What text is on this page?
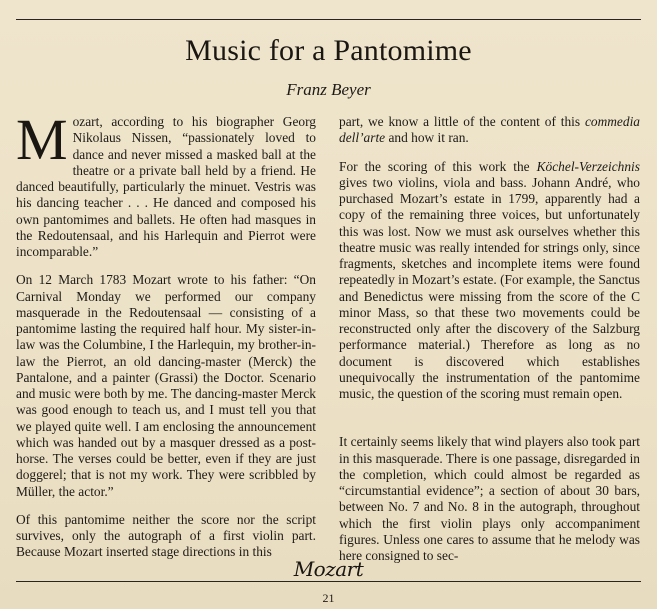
Music for a Pantomime
Franz Beyer

Mozart, according to his biographer Georg Nikolaus Nissen, “passionately loved to dance and never missed a masked ball at the theatre or a private ball held by a friend. He danced beautifully, particularly the minuet. Vestris was his dancing teacher . . . He danced and composed his own pantomimes and ballets. He often had masques in the Redoutensaal, and his Harlequin and Pierrot were incomparable.”

On 12 March 1783 Mozart wrote to his father: “On Carnival Monday we performed our company masquerade in the Redoutensaal — consisting of a pantomime lasting the required half hour. My sister-in-law was the Columbine, I the Harlequin, my brother-in-law the Pierrot, an old dancing-master (Merck) the Pantalone, and a painter (Grassi) the Doctor. Scenario and music were both by me. The dancing-master Merck was good enough to teach us, and I must tell you that we played quite well. I am enclosing the announcement which was handed out by a masquer dressed as a post-horse. The verses could be better, even if they are just doggerel; that is not my work. They were scribbled by Müller, the actor.”

Of this pantomime neither the score nor the script survives, only the autograph of a first violin part. Because Mozart inserted stage directions in this

part, we know a little of the content of this commedia dell’arte and how it ran.

For the scoring of this work the Köchel-Verzeichnis gives two violins, viola and bass. Johann André, who purchased Mozart’s estate in 1799, apparently had a copy of the remaining three voices, but unfortunately this was lost. Now we must ask ourselves whether this theatre music was really intended for strings only, since fragments, sketches and incomplete items were found repeatedly in Mozart’s estate. (For example, the Sanctus and Benedictus were missing from the score of the C minor Mass, so that these two movements could be reconstructed only after the discovery of the Salzburg performance material.) Therefore as long as no document is discovered which establishes unequivocally the instrumentation of the pantomime music, the question of the scoring must remain open.

It certainly seems likely that wind players also took part in this masquerade. There is one passage, disregarded in the completion, which could almost be regarded as “circumstantial evidence”; a section of about 30 bars, between No. 7 and No. 8 in the autograph, throughout which the first violin plays only accompaniment figures. Unless one cares to assume that he melody was here consigned to sec-

Mozart
21
